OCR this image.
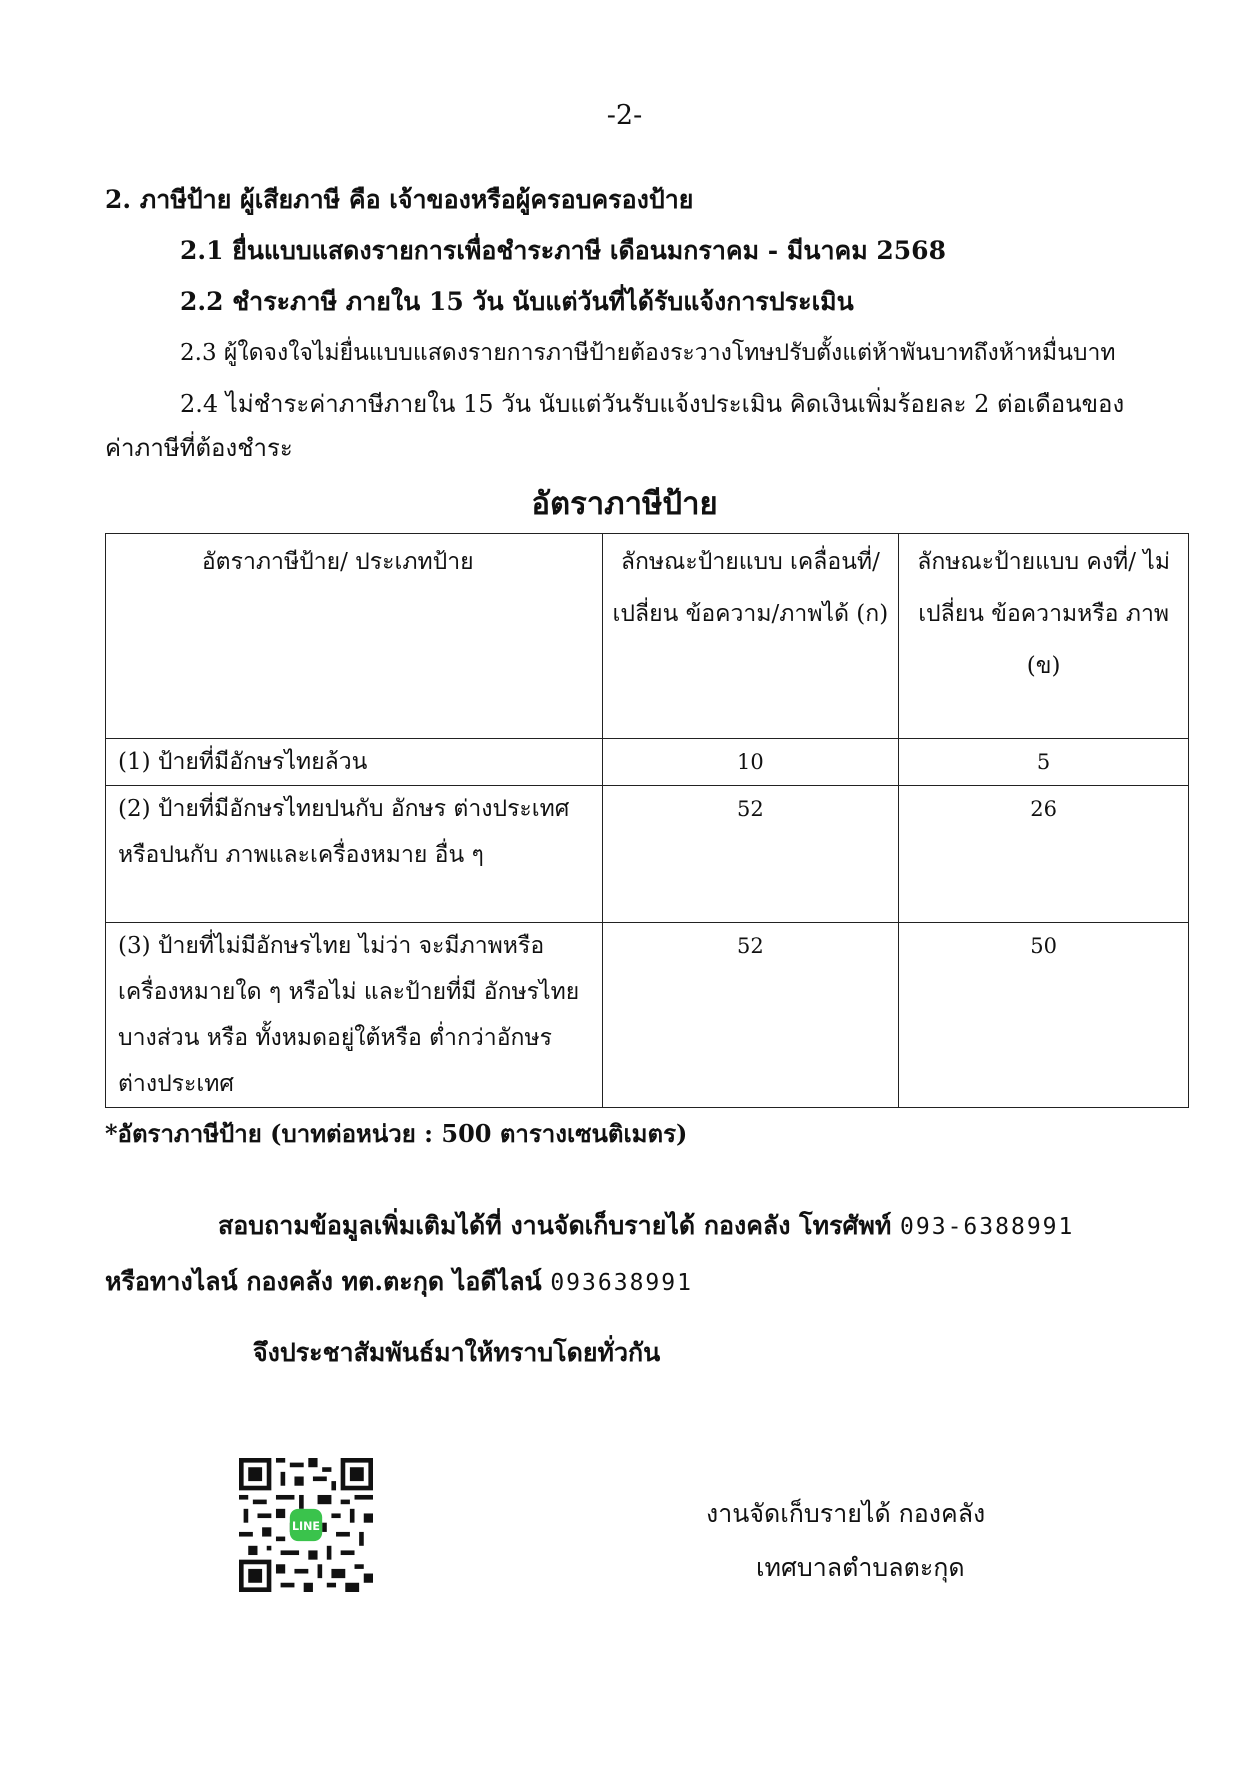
-2-
2. ภาษีป้าย ผู้เสียภาษี คือ เจ้าของหรือผู้ครอบครองป้าย
2.1 ยื่นแบบแสดงรายการเพื่อชำระภาษี เดือนมกราคม - มีนาคม 2568
2.2 ชำระภาษี ภายใน 15 วัน นับแต่วันที่ได้รับแจ้งการประเมิน
2.3 ผู้ใดจงใจไม่ยื่นแบบแสดงรายการภาษีป้ายต้องระวางโทษปรับตั้งแต่ห้าพันบาทถึงห้าหมื่นบาท
2.4 ไม่ชำระค่าภาษีภายใน 15 วัน นับแต่วันรับแจ้งประเมิน คิดเงินเพิ่มร้อยละ 2 ต่อเดือนของ
ค่าภาษีที่ต้องชำระ
อัตราภาษีป้าย
อัตราภาษีป้าย/ ประเภทป้าย	ลักษณะป้ายแบบ เคลื่อนที่/เปลี่ยน ข้อความ/ภาพได้ (ก)	ลักษณะป้ายแบบ คงที่/ ไม่เปลี่ยน ข้อความหรือ ภาพ (ข)
(1) ป้ายที่มีอักษรไทยล้วน	10	5
(2) ป้ายที่มีอักษรไทยปนกับ อักษร ต่างประเทศหรือปนกับ ภาพและเครื่องหมาย อื่น ๆ	52	26
(3) ป้ายที่ไม่มีอักษรไทย ไม่ว่า จะมีภาพหรือ เครื่องหมายใด ๆ หรือไม่ และป้ายที่มี อักษรไทยบางส่วน หรือ ทั้งหมดอยู่ใต้หรือ ต่ำกว่าอักษร ต่างประเทศ	52	50
*อัตราภาษีป้าย (บาทต่อหน่วย : 500 ตารางเซนติเมตร)
สอบถามข้อมูลเพิ่มเติมได้ที่ งานจัดเก็บรายได้ กองคลัง โทรศัพท์ 093-6388991
หรือทางไลน์ กองคลัง ทต.ตะกุด ไอดีไลน์ 093638991
จึงประชาสัมพันธ์มาให้ทราบโดยทั่วกัน
LINE	งานจัดเก็บรายได้ กองคลัง
เทศบาลตำบลตะกุด
